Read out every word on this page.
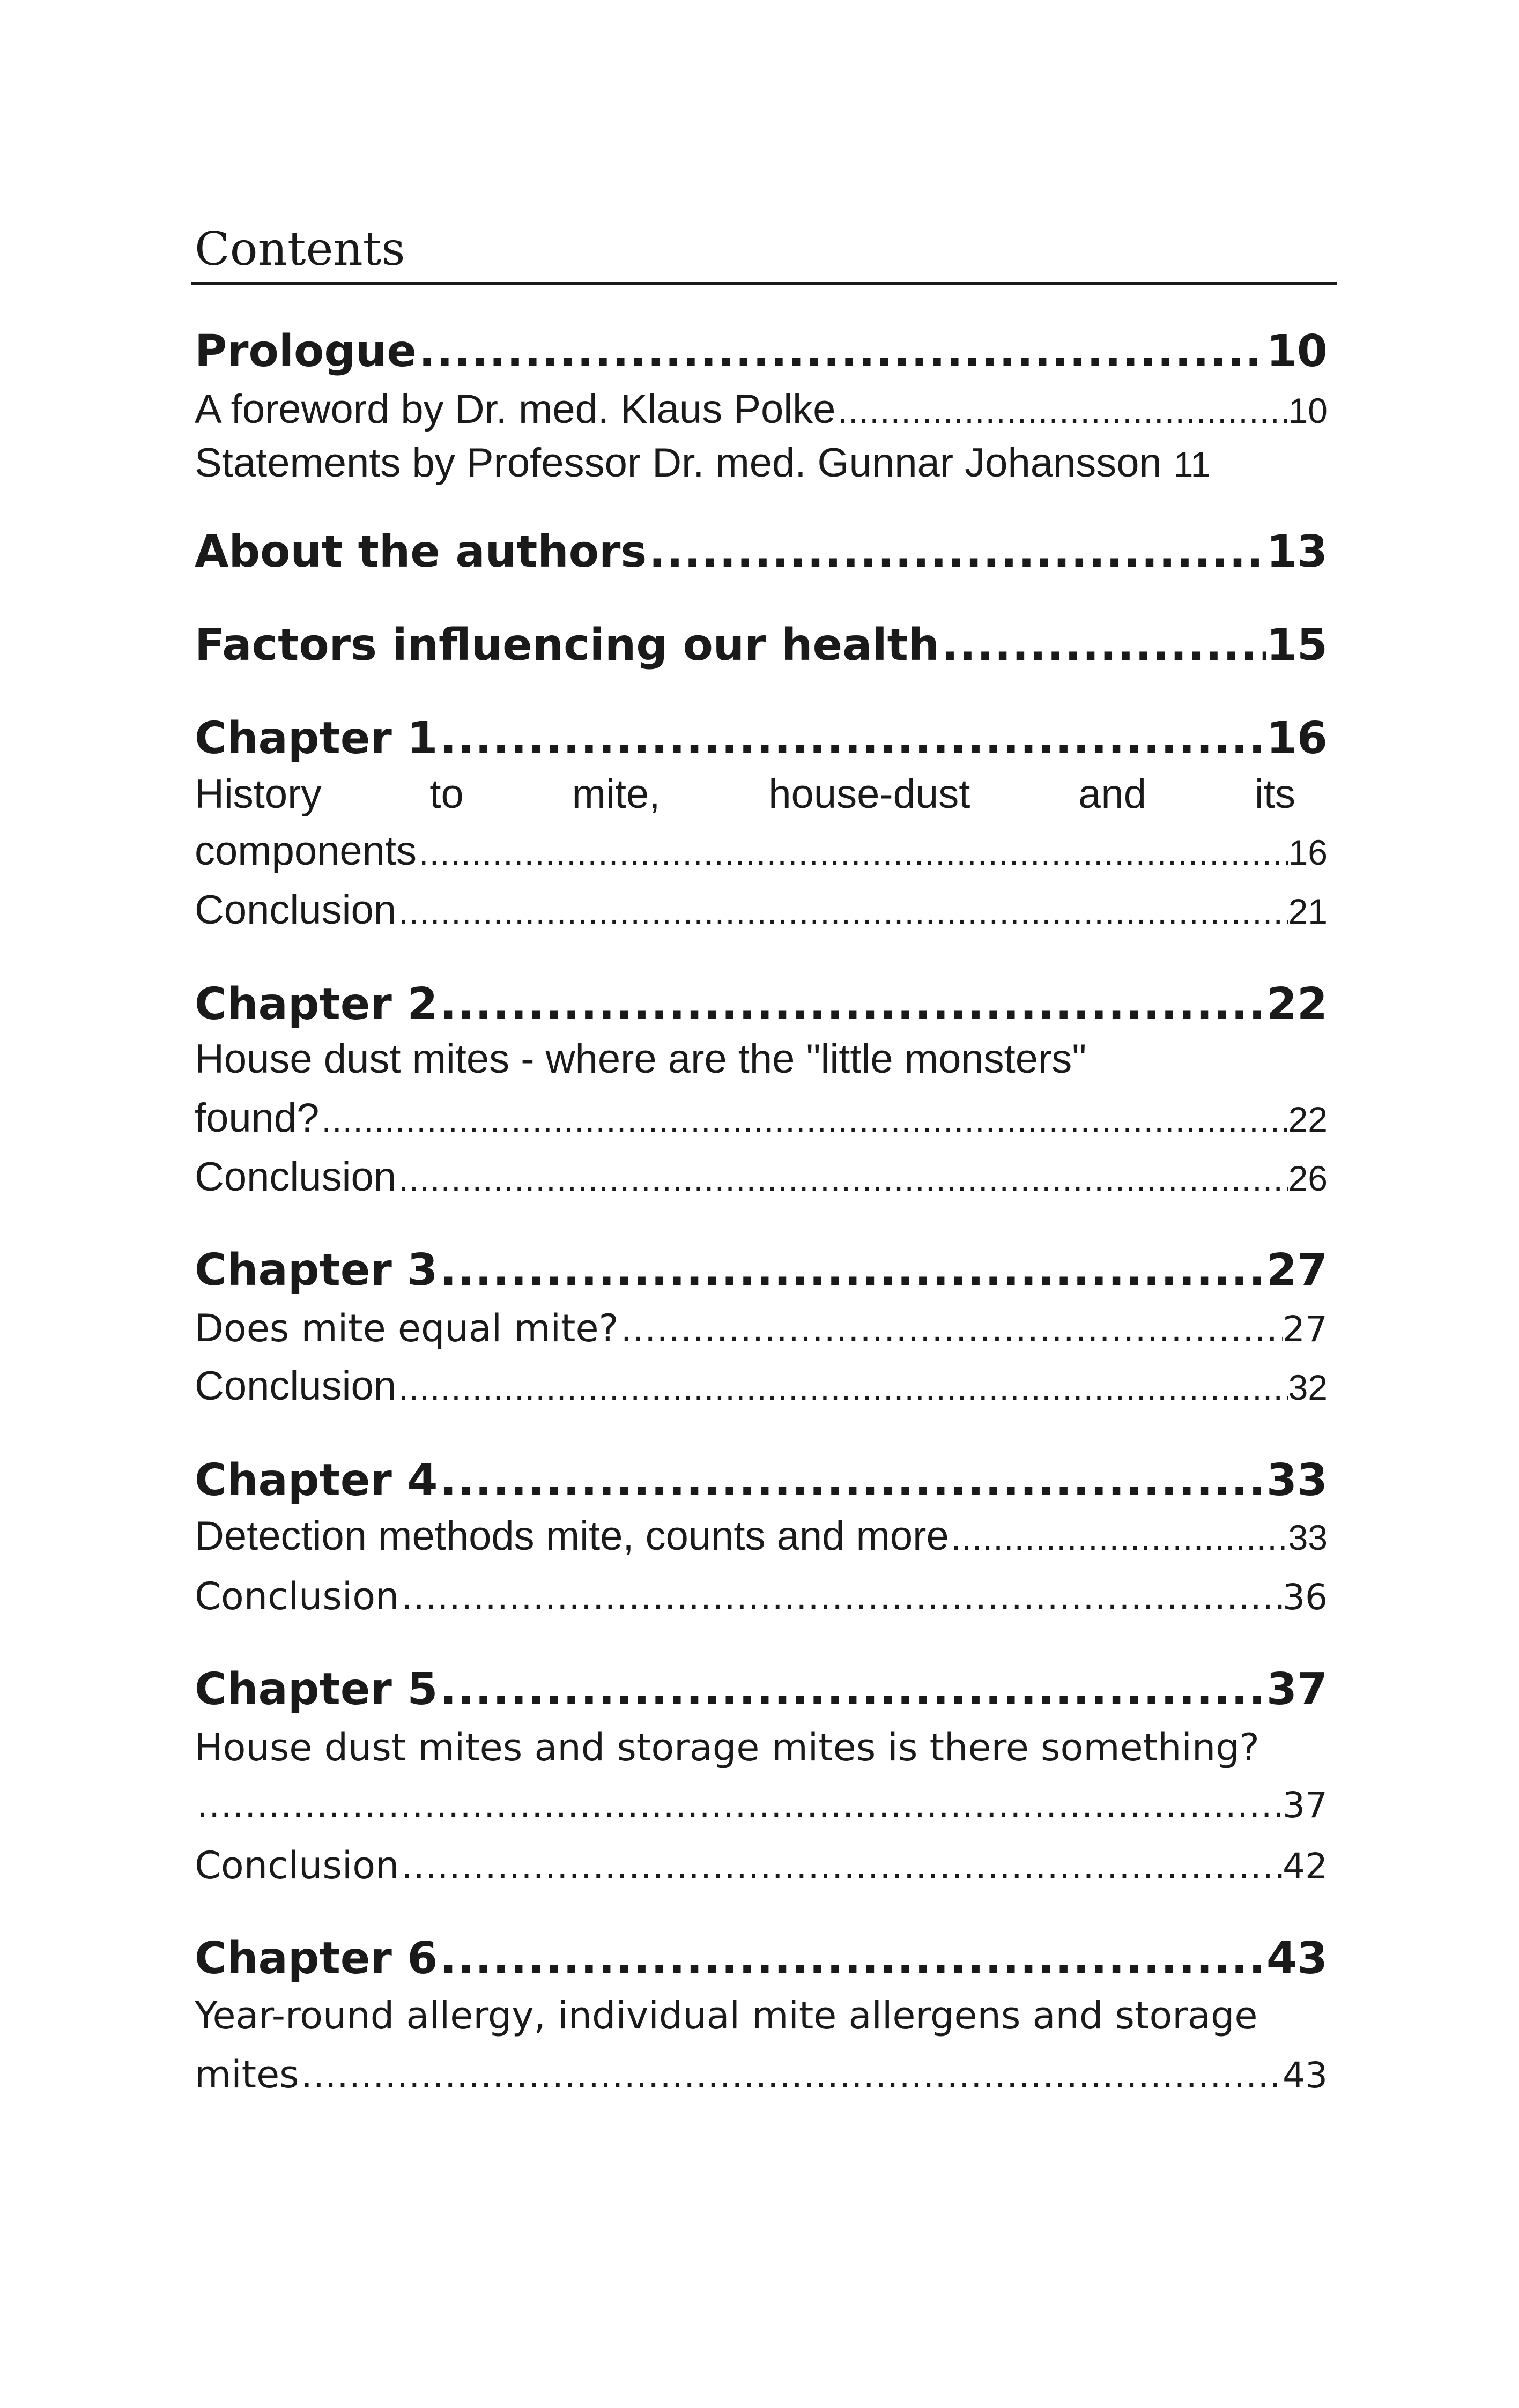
Contents
Prologue .....	10
A foreword by Dr. med. Klaus Polke .....	10
Statements by Professor Dr. med. Gunnar Johansson 11
About the authors .....	13
Factors influencing our health .....	15
Chapter 1 .....	16
History	to	mite,	house-dust	and	its
components .....	16
Conclusion .....	21
Chapter 2 .....	22
House dust mites - where are the "little monsters"
found? .....	22
Conclusion .....	26
Chapter 3 .....	27
Does mite equal mite? .....	27
Conclusion .....	32
Chapter 4 .....	33
Detection methods mite, counts and more .....	33
Conclusion .....	36
Chapter 5 .....	37
House dust mites and storage mites is there something?
.....
37
Conclusion .....	42
Chapter 6 .....	43
Year-round allergy, individual mite allergens and storage
mites .....	43
